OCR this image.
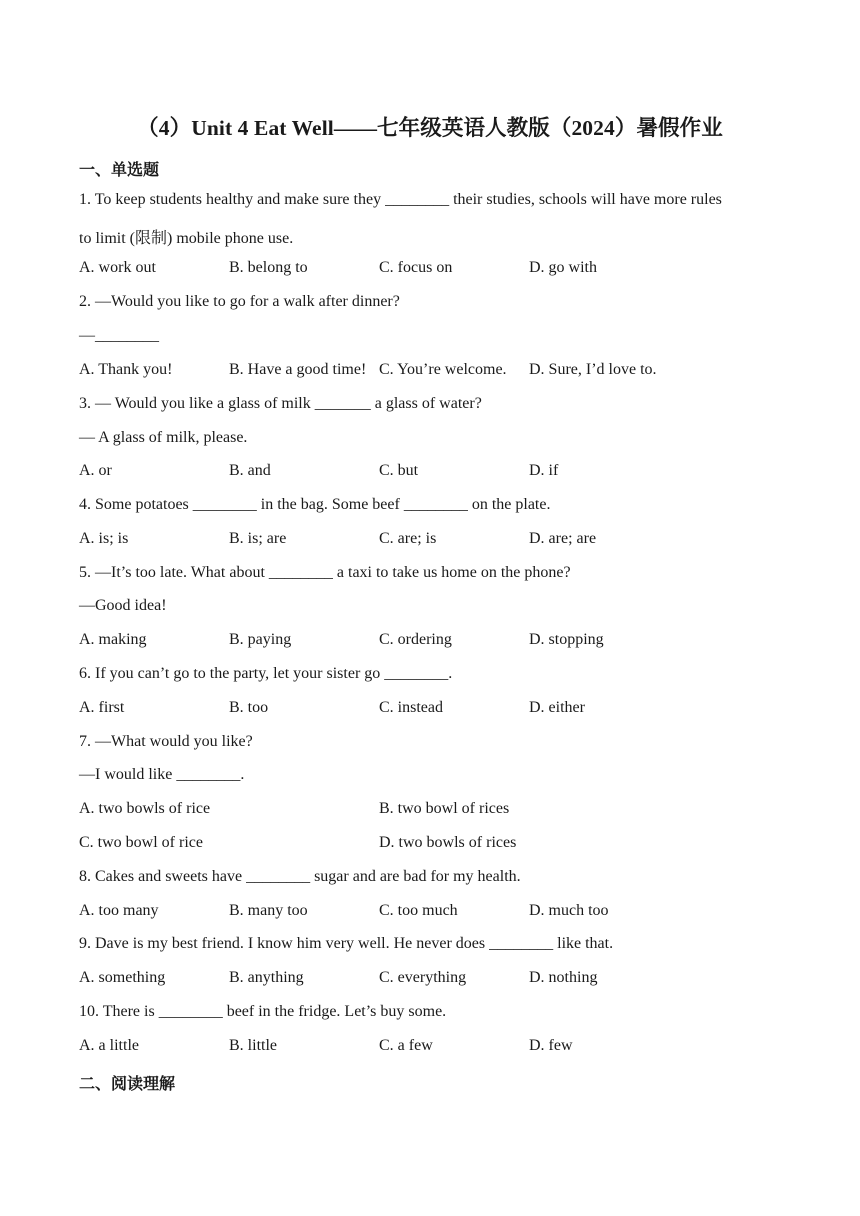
（4）Unit 4 Eat Well——七年级英语人教版（2024）暑假作业
一、单选题
1. To keep students healthy and make sure they ________ their studies, schools will have more rules
to limit (限制) mobile phone use.
A. work out	B. belong to	C. focus on	D. go with
2. —Would you like to go for a walk after dinner?
—________
A. Thank you!	B. Have a good time! C. You’re welcome. D. Sure, I’d love to.
3. — Would you like a glass of milk _______ a glass of water?
— A glass of milk, please.
A. or	B. and	C. but	D. if
4. Some potatoes ________ in the bag. Some beef ________ on the plate.
A. is; is	B. is; are	C. are; is	D. are; are
5. —It’s too late. What about ________ a taxi to take us home on the phone?
—Good idea!
A. making	B. paying	C. ordering	D. stopping
6. If you can’t go to the party, let your sister go ________.
A. first	B. too	C. instead	D. either
7. —What would you like?
—I would like ________.
A. two bowls of rice	B. two bowl of rices
C. two bowl of rice	D. two bowls of rices
8. Cakes and sweets have ________ sugar and are bad for my health.
A. too many	B. many too	C. too much	D. much too
9. Dave is my best friend. I know him very well. He never does ________ like that.
A. something	B. anything	C. everything	D. nothing
10. There is ________ beef in the fridge. Let’s buy some.
A. a little	B. little	C. a few	D. few
二、阅读理解
